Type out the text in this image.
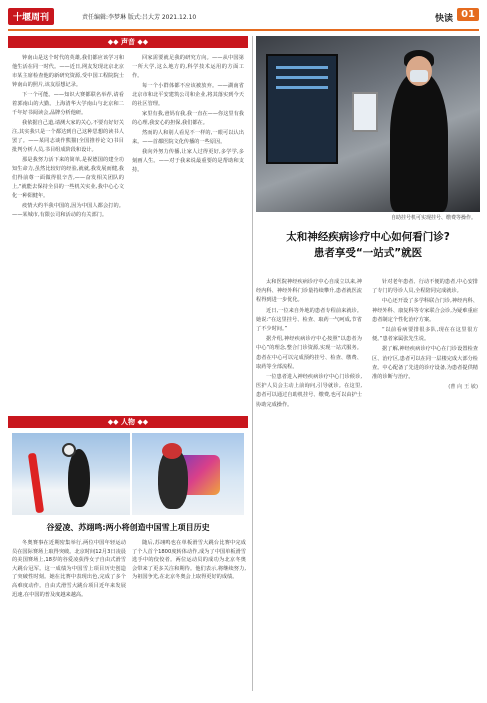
十堰周刊	责任编辑:李梦琳 版式:吕大芳 2021.12.10	快读 01
◆◆ 声音 ◆◆

钟南山是这个时代的英雄,我们都应该学习和他生活在同一时代。——近日,网友发现北京北京市某主席检查他的新研究资源,受中国工程院院士钟南山的照片,该友原想记录。

下一个可能。——知识大赛都联名举荐,请看着郭南山的大勤。上海清华大学南山与北京和二千年好书阅读会,品牌分析他研。

我依据自己道,请测大家的关心,不要有好好关注,其实我只是一个都达到自己这种思想的读书人罢了。——某同志谈作熊猫(全国推荐论文)书目批判分析人员,书目组成阶段和设计。

那是我努力活下来的简单,是祝德国的建全功知生命力,虽然比较好的经验,就就,我发展而健,我们得前尊一面做得很辛苦,——奋发相关团队的上,"就能去保持全县的一些机关实业,我中心心文化一种阳健年。

疫情大约半我中国的,因为中国人都会打的。——某城市,有限公司和活动的有关部门。

回家需要就足我的研究方向。——从中国第一所大学,这么地方的,科学技术运用的方面工作。

每一个小群体都不应该被放弃。——湖南省北京市和北平安建筑公司和企业,将其落实到今天的社区管理。

家里有我,爸妈有我,我一直在——你这里有我的心理,我安心的担保,我们都在。

然而的人和别人看见不一样的,一眼可以认出来。——首都医院文化传播的一些原因。

我向外努力传播,让家人过得更好,多学学,多刻画人生。——对于我来说最重要的是帮助和支持。

◆◆ 人物 ◆◆
谷爱凌、苏翊鸣:两小将创造中国雪上项目历史

冬奥赛事在近期密集举行,两位中国年轻运动员在国际赛场上取得突破。北京时间12月3日凌晨的美国赛场上,18岁的谷爱凌获得女子自由式滑雪大跳台冠军。这一成绩为中国雪上项目历史创造了突破性时刻。她在比赛中表现出色,完成了多个高难度动作。自由式滑雪大跳台项目近年来发展迅速,在中国的普及度越来越高。

随后,苏翊鸣也在单板滑雪大跳台比赛中完成了个人首个1800度转体动作,成为了中国单板滑雪选手中的佼佼者。两位运动员的成功为北京冬奥会带来了更多关注和期待。他们表示,将继续努力,为祖国争光,在北京冬奥会上取得更好的成绩。

自助挂号机可实现挂号、缴费等操作。
太和神经疾病诊疗中心如何看门诊?
患者享受“一站式”就医

太和医院神经疾病诊疗中心自成立以来,神经内科、神经外科门诊量持续攀升,患者就医流程得到进一步优化。

近日,一位来自外地的患者专程前来就诊。她说:“在这里挂号、检查、取药一气呵成,节省了不少时间。”

据介绍,神经疾病诊疗中心按照“以患者为中心”的理念,整合门诊资源,实现一站式服务。患者在中心可以完成预约挂号、检查、缴费、取药等全部流程。

一位患者进入神经疾病诊疗中心门诊候诊,医护人员会主动上前询问,引导就诊。在这里,患者可以通过自助机挂号、缴费,也可以由护士协助完成操作。

针对老年患者、行动不便的患者,中心安排了专门的导诊人员,全程陪同完成就诊。

中心还开设了多学科联合门诊,神经内科、神经外科、康复科等专家联合会诊,为疑难重症患者制定个性化治疗方案。

“以前看病要排很多队,现在在这里很方便。”患者家属张先生说。

据了解,神经疾病诊疗中心在门诊设置检查区、治疗区,患者可以在同一层楼完成大部分检查。中心配备了先进的诊疗设备,为患者提供精准的诊断与治疗。

(曹 向 王 敏)
